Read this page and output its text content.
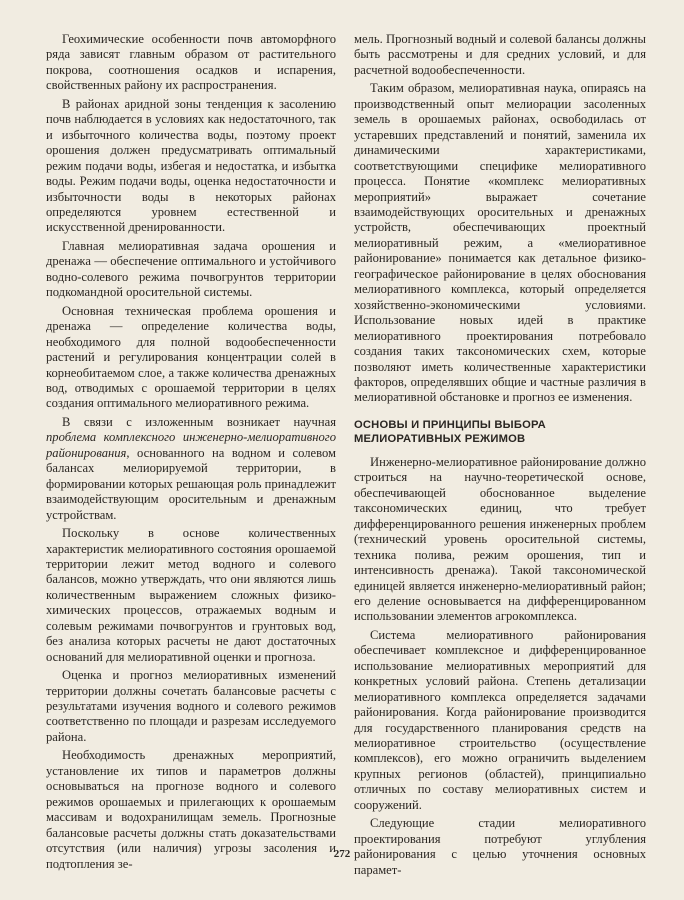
Геохимические особенности почв автоморфного ряда зависят главным образом от растительного покрова, соотношения осадков и испарения, свойственных району их распространения.

В районах аридной зоны тенденция к засолению почв наблюдается в условиях как недостаточного, так и избыточного количества воды, поэтому проект орошения должен предусматривать оптимальный режим подачи воды, избегая и недостатка, и избытка воды. Режим подачи воды, оценка недостаточности и избыточности воды в некоторых районах определяются уровнем естественной и искусственной дренированности.

Главная мелиоративная задача орошения и дренажа — обеспечение оптимального и устойчивого водно-солевого режима почвогрунтов территории подкомандной оросительной системы.

Основная техническая проблема орошения и дренажа — определение количества воды, необходимого для полной водообеспеченности растений и регулирования концентрации солей в корнеобитаемом слое, а также количества дренажных вод, отводимых с орошаемой территории в целях создания оптимального мелиоративного режима.

В связи с изложенным возникает научная проблема комплексного инженерно-мелиоративного районирования, основанного на водном и солевом балансах мелиорируемой территории, в формировании которых решающая роль принадлежит взаимодействующим оросительным и дренажным устройствам.

Поскольку в основе количественных характеристик мелиоративного состояния орошаемой территории лежит метод водного и солевого балансов, можно утверждать, что они являются лишь количественным выражением сложных физико-химических процессов, отражаемых водным и солевым режимами почвогрунтов и грунтовых вод, без анализа которых расчеты не дают достаточных оснований для мелиоративной оценки и прогноза.

Оценка и прогноз мелиоративных изменений территории должны сочетать балансовые расчеты с результатами изучения водного и солевого режимов соответственно по площади и разрезам исследуемого района.

Необходимость дренажных мероприятий, установление их типов и параметров должны основываться на прогнозе водного и солевого режимов орошаемых и прилегающих к орошаемым массивам и водохранилищам земель. Прогнозные балансовые расчеты должны стать доказательствами отсутствия (или наличия) угрозы засоления и подтопления зе-

мель. Прогнозный водный и солевой балансы должны быть рассмотрены и для средних условий, и для расчетной водообеспеченности.

Таким образом, мелиоративная наука, опираясь на производственный опыт мелиорации засоленных земель в орошаемых районах, освободилась от устаревших представлений и понятий, заменила их динамическими характеристиками, соответствующими специфике мелиоративного процесса. Понятие «комплекс мелиоративных мероприятий» выражает сочетание взаимодействующих оросительных и дренажных устройств, обеспечивающих проектный мелиоративный режим, а «мелиоративное районирование» понимается как детальное физико-географическое районирование в целях обоснования мелиоративного комплекса, который определяется хозяйственно-экономическими условиями. Использование новых идей в практике мелиоративного проектирования потребовало создания таких таксономических схем, которые позволяют иметь количественные характеристики факторов, определявших общие и частные различия в мелиоративной обстановке и прогноз ее изменения.

ОСНОВЫ И ПРИНЦИПЫ ВЫБОРА МЕЛИОРАТИВНЫХ РЕЖИМОВ

Инженерно-мелиоративное районирование должно строиться на научно-теоретической основе, обеспечивающей обоснованное выделение таксономических единиц, что требует дифференцированного решения инженерных проблем (технический уровень оросительной системы, техника полива, режим орошения, тип и интенсивность дренажа). Такой таксономической единицей является инженерно-мелиоративный район; его деление основывается на дифференцированном использовании элементов агрокомплекса.

Система мелиоративного районирования обеспечивает комплексное и дифференцированное использование мелиоративных мероприятий для конкретных условий района. Степень детализации мелиоративного комплекса определяется задачами районирования. Когда районирование производится для государственного планирования средств на мелиоративное строительство (осуществление комплексов), его можно ограничить выделением крупных регионов (областей), принципиально отличных по составу мелиоративных систем и сооружений.

Следующие стадии мелиоративного проектирования потребуют углубления районирования с целью уточнения основных парамет-

272
